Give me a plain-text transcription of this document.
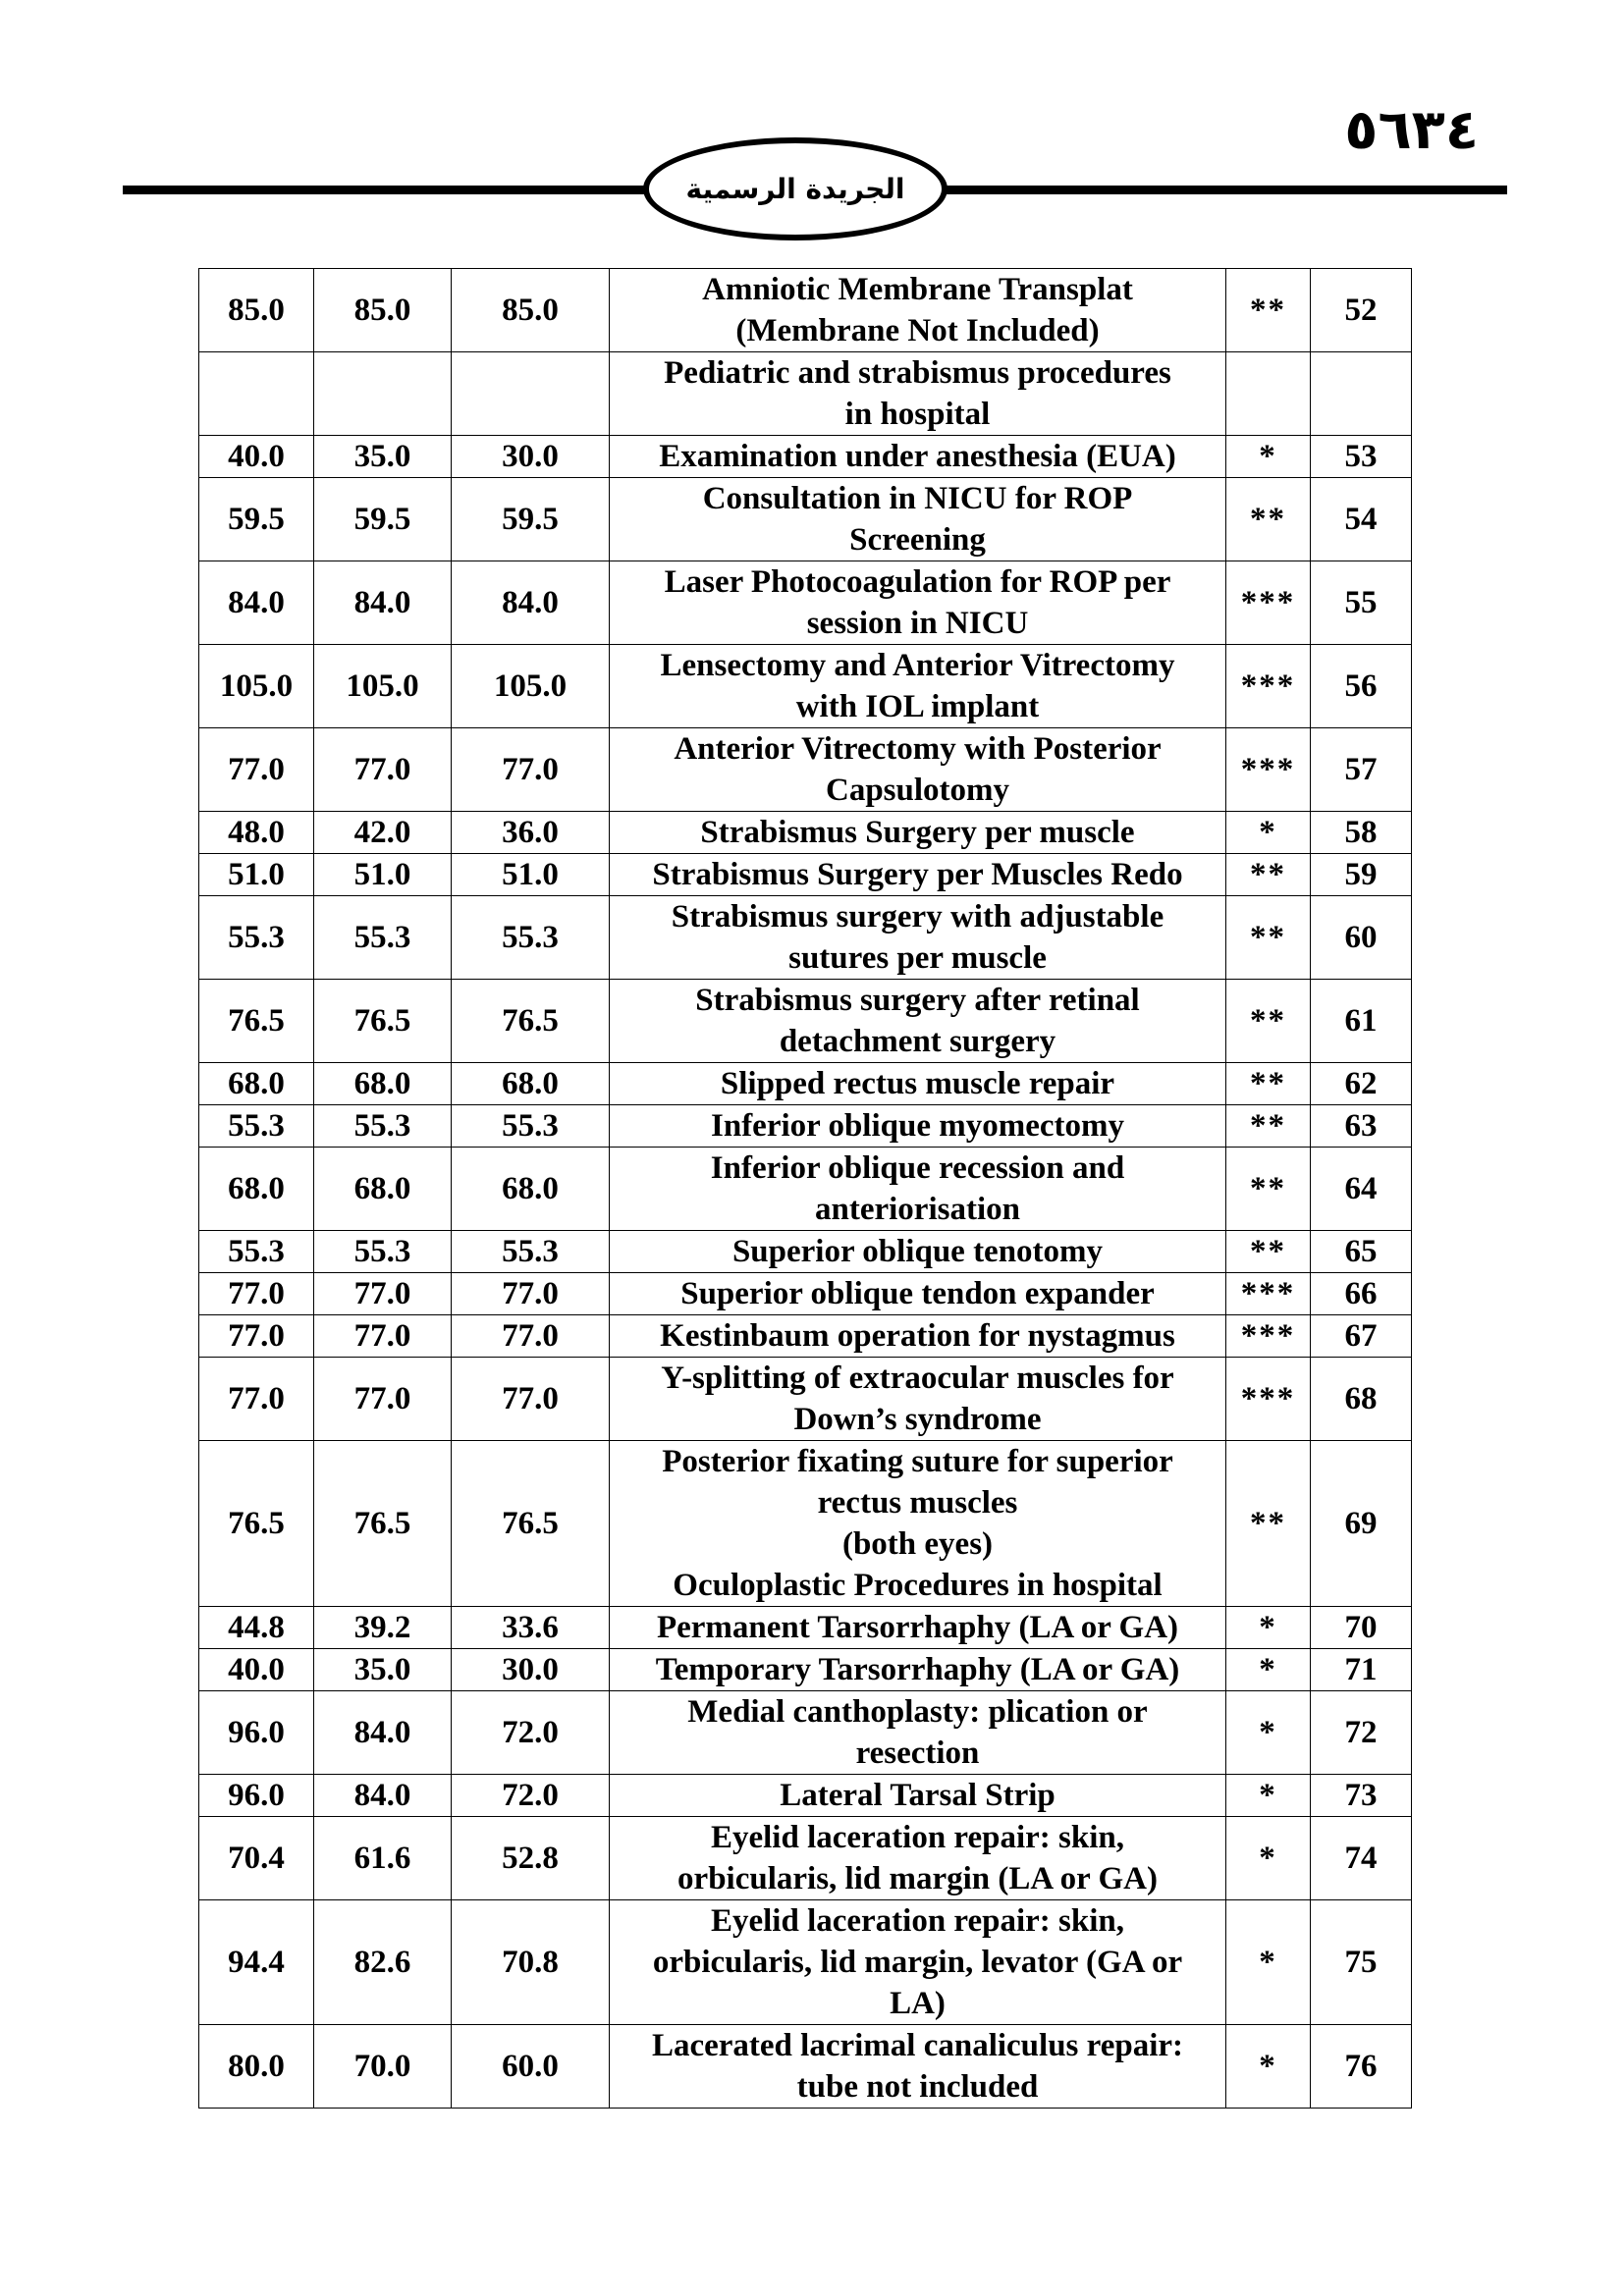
٥٦٣٤
الجريدة الرسمية
85.0	85.0	85.0	Amniotic Membrane Transplat
(Membrane Not Included)	**	52

			Pediatric and strabismus procedures
in hospital		

40.0	35.0	30.0	Examination under anesthesia (EUA)	*	53
59.5	59.5	59.5	Consultation in NICU for ROP
Screening	**	54
84.0	84.0	84.0	Laser Photocoagulation for ROP per
session in NICU	***	55
105.0	105.0	105.0	Lensectomy and Anterior Vitrectomy
with IOL implant	***	56
77.0	77.0	77.0	Anterior Vitrectomy with Posterior
Capsulotomy	***	57
48.0	42.0	36.0	Strabismus Surgery per muscle	*	58
51.0	51.0	51.0	Strabismus Surgery per Muscles Redo	**	59
55.3	55.3	55.3	Strabismus surgery with adjustable
sutures per muscle	**	60
76.5	76.5	76.5	Strabismus surgery after retinal
detachment surgery	**	61
68.0	68.0	68.0	Slipped rectus muscle repair	**	62
55.3	55.3	55.3	Inferior oblique myomectomy	**	63
68.0	68.0	68.0	Inferior oblique recession and
anteriorisation	**	64
55.3	55.3	55.3	Superior oblique tenotomy	**	65
77.0	77.0	77.0	Superior oblique tendon expander	***	66
77.0	77.0	77.0	Kestinbaum operation for nystagmus	***	67
77.0	77.0	77.0	Y-splitting of extraocular muscles for
Down’s syndrome	***	68
76.5	76.5	76.5	Posterior fixating suture for superior
rectus muscles
(both eyes)
Oculoplastic Procedures in hospital	**	69
44.8	39.2	33.6	Permanent Tarsorrhaphy (LA or GA)	*	70
40.0	35.0	30.0	Temporary Tarsorrhaphy (LA or GA)	*	71
96.0	84.0	72.0	Medial canthoplasty: plication or
resection	*	72
96.0	84.0	72.0	Lateral Tarsal Strip	*	73
70.4	61.6	52.8	Eyelid laceration repair: skin,
orbicularis, lid margin (LA or GA)	*	74
94.4	82.6	70.8	Eyelid laceration repair: skin,
orbicularis, lid margin, levator (GA or
LA)	*	75
80.0	70.0	60.0	Lacerated lacrimal canaliculus repair:
tube not included	*	76
